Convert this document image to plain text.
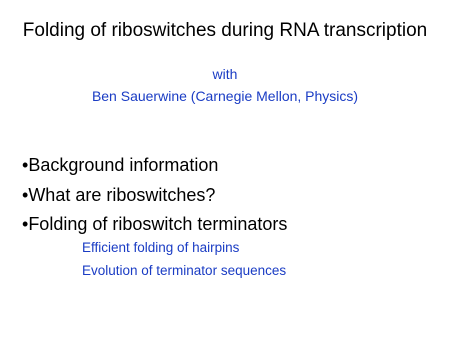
Folding of riboswitches during RNA transcription
with
Ben Sauerwine (Carnegie Mellon, Physics)
•Background information
•What are riboswitches?
•Folding of riboswitch terminators
Efficient folding of hairpins
Evolution of terminator sequences
